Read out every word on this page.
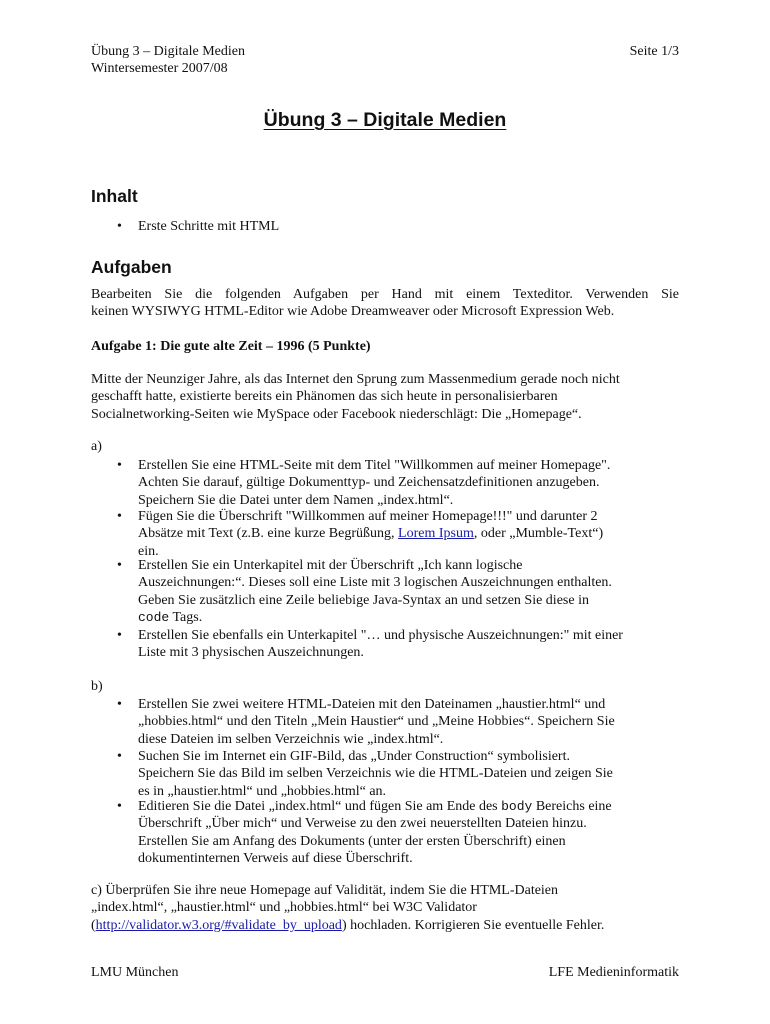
Übung 3 – Digitale Medien
Wintersemester 2007/08
Seite 1/3
Übung 3 – Digitale Medien
Inhalt
• Erste Schritte mit HTML
Aufgaben
Bearbeiten Sie die folgenden Aufgaben per Hand mit einem Texteditor. Verwenden Sie
keinen WYSIWYG HTML-Editor wie Adobe Dreamweaver oder Microsoft Expression Web.
Aufgabe 1: Die gute alte Zeit – 1996 (5 Punkte)
Mitte der Neunziger Jahre, als das Internet den Sprung zum Massenmedium gerade noch nicht
geschafft hatte, existierte bereits ein Phänomen das sich heute in personalisierbaren
Socialnetworking-Seiten wie MySpace oder Facebook niederschlägt: Die „Homepage“.
a)
• Erstellen Sie eine HTML-Seite mit dem Titel "Willkommen auf meiner Homepage".
Achten Sie darauf, gültige Dokumenttyp- und Zeichensatzdefinitionen anzugeben.
Speichern Sie die Datei unter dem Namen „index.html“.
• Fügen Sie die Überschrift "Willkommen auf meiner Homepage!!!" und darunter 2
Absätze mit Text (z.B. eine kurze Begrüßung, Lorem Ipsum, oder „Mumble-Text“)
ein.
• Erstellen Sie ein Unterkapitel mit der Überschrift „Ich kann logische
Auszeichnungen:“. Dieses soll eine Liste mit 3 logischen Auszeichnungen enthalten.
Geben Sie zusätzlich eine Zeile beliebige Java-Syntax an und setzen Sie diese in
code Tags.
• Erstellen Sie ebenfalls ein Unterkapitel "… und physische Auszeichnungen:" mit einer
Liste mit 3 physischen Auszeichnungen.
b)
• Erstellen Sie zwei weitere HTML-Dateien mit den Dateinamen „haustier.html“ und
„hobbies.html“ und den Titeln „Mein Haustier“ und „Meine Hobbies“. Speichern Sie
diese Dateien im selben Verzeichnis wie „index.html“.
• Suchen Sie im Internet ein GIF-Bild, das „Under Construction“ symbolisiert.
Speichern Sie das Bild im selben Verzeichnis wie die HTML-Dateien und zeigen Sie
es in „haustier.html“ und „hobbies.html“ an.
• Editieren Sie die Datei „index.html“ und fügen Sie am Ende des body Bereichs eine
Überschrift „Über mich“ und Verweise zu den zwei neuerstellten Dateien hinzu.
Erstellen Sie am Anfang des Dokuments (unter der ersten Überschrift) einen
dokumentinternen Verweis auf diese Überschrift.
c) Überprüfen Sie ihre neue Homepage auf Validität, indem Sie die HTML-Dateien
„index.html“, „haustier.html“ und „hobbies.html“ bei W3C Validator
(http://validator.w3.org/#validate_by_upload) hochladen. Korrigieren Sie eventuelle Fehler.
LMU München	LFE Medieninformatik
